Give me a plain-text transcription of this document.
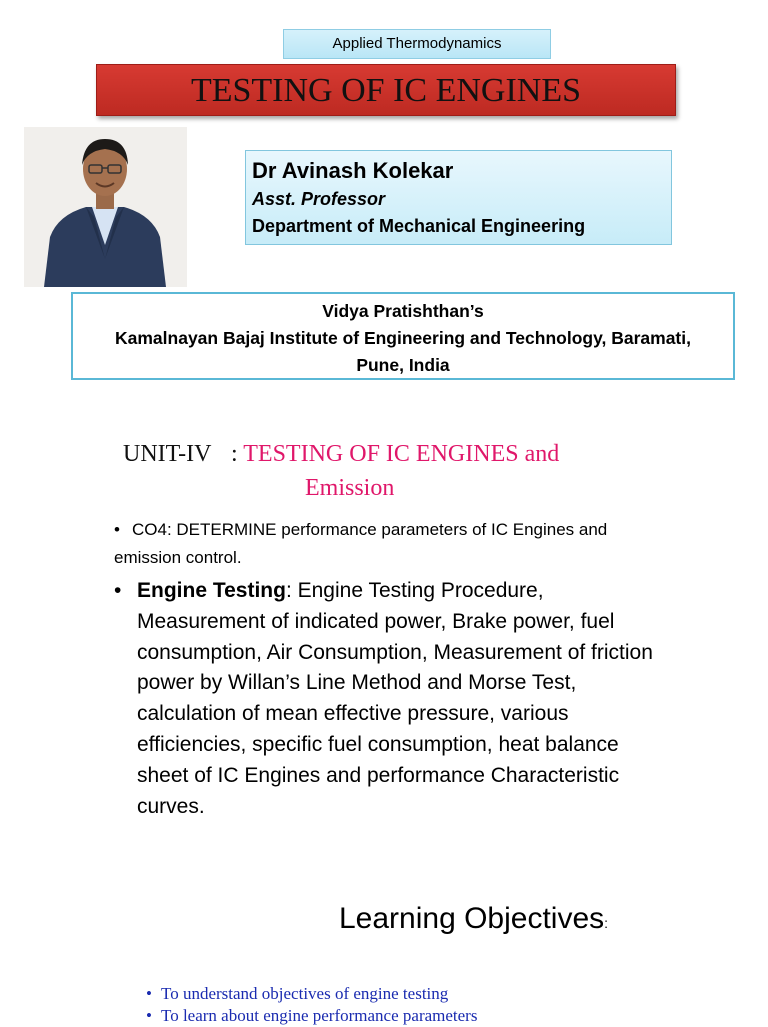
Applied Thermodynamics
TESTING OF IC ENGINES
Dr Avinash Kolekar
Asst. Professor
Department of Mechanical Engineering
Vidya Pratishthan’s
Kamalnayan Bajaj Institute of Engineering and Technology, Baramati,
Pune, India
UNIT-IV : TESTING OF IC ENGINES and
Emission
• CO4: DETERMINE performance parameters of IC Engines and emission control.
• Engine Testing: Engine Testing Procedure, Measurement of indicated power, Brake power, fuel consumption, Air Consumption, Measurement of friction power by Willan’s Line Method and Morse Test, calculation of mean effective pressure, various efficiencies, specific fuel consumption, heat balance sheet of IC Engines and performance Characteristic curves.
Learning Objectives:
• To understand objectives of engine testing
• To learn about engine performance parameters
